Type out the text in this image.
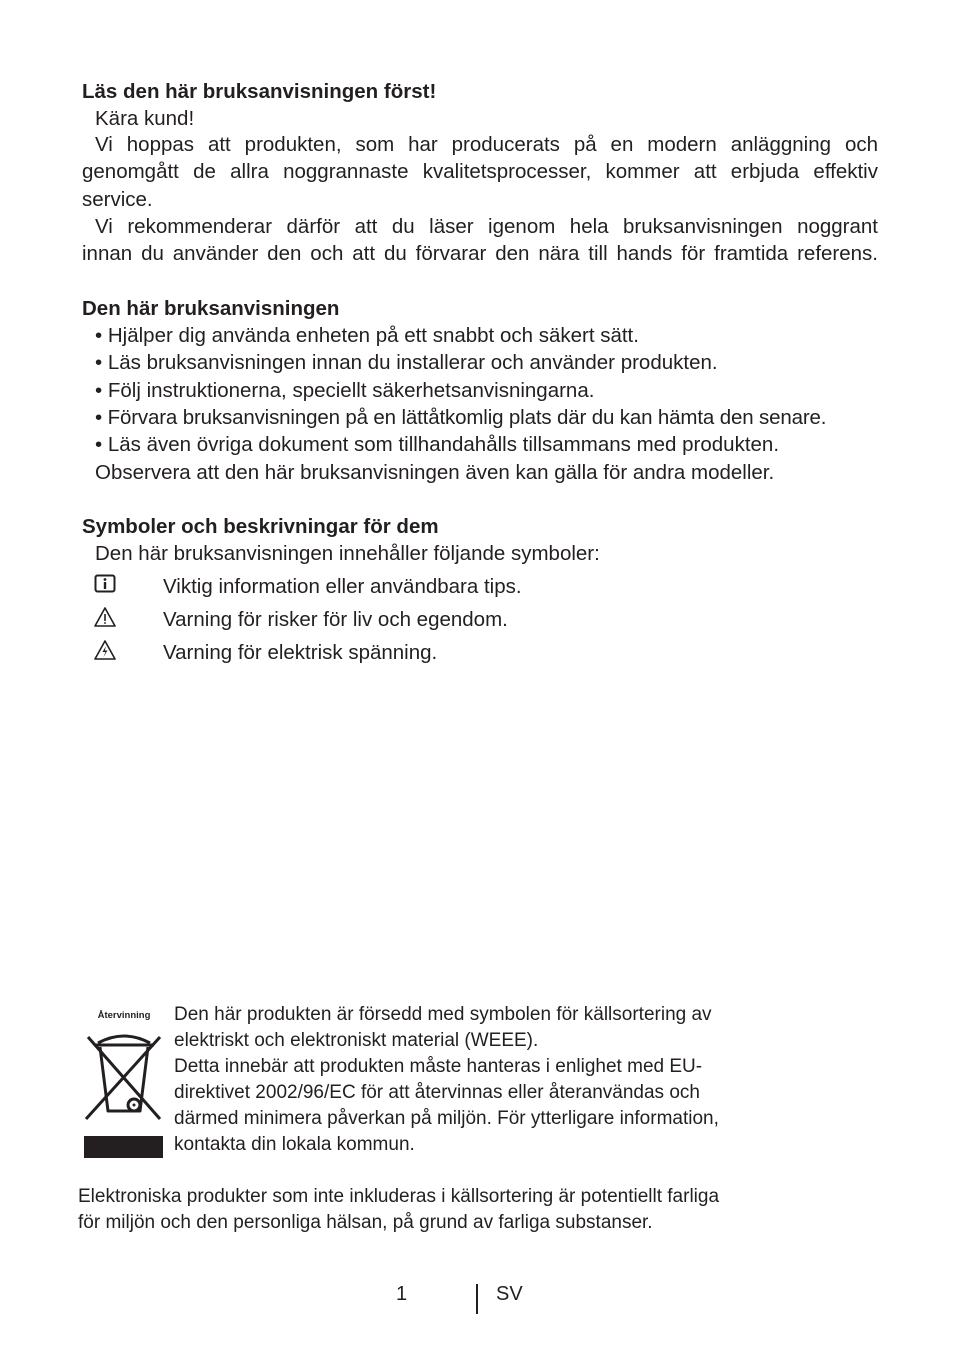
Läs den här bruksanvisningen först!
Kära kund!
Vi hoppas att produkten, som har producerats på en modern anläggning och
genomgått de allra noggrannaste kvalitetsprocesser, kommer att erbjuda effektiv
service.
Vi rekommenderar därför att du läser igenom hela bruksanvisningen noggrant
innan du använder den och att du förvarar den nära till hands för framtida referens.
Den här bruksanvisningen
• Hjälper dig använda enheten på ett snabbt och säkert sätt.
• Läs bruksanvisningen innan du installerar och använder produkten.
• Följ instruktionerna, speciellt säkerhetsanvisningarna.
• Förvara bruksanvisningen på en lättåtkomlig plats där du kan hämta den senare.
• Läs även övriga dokument som tillhandahålls tillsammans med produkten.
Observera att den här bruksanvisningen även kan gälla för andra modeller.
Symboler och beskrivningar för dem
Den här bruksanvisningen innehåller följande symboler:
Viktig information eller användbara tips.
Varning för risker för liv och egendom.
Varning för elektrisk spänning.
Återvinning	Den här produkten är försedd med symbolen för källsortering av
elektriskt och elektroniskt material (WEEE).
Detta innebär att produkten måste hanteras i enlighet med EU-
direktivet 2002/96/EC för att återvinnas eller återanvändas och
därmed minimera påverkan på miljön. För ytterligare information,
kontakta din lokala kommun.
Elektroniska produkter som inte inkluderas i källsortering är potentiellt farliga
för miljön och den personliga hälsan, på grund av farliga substanser.
1	SV
